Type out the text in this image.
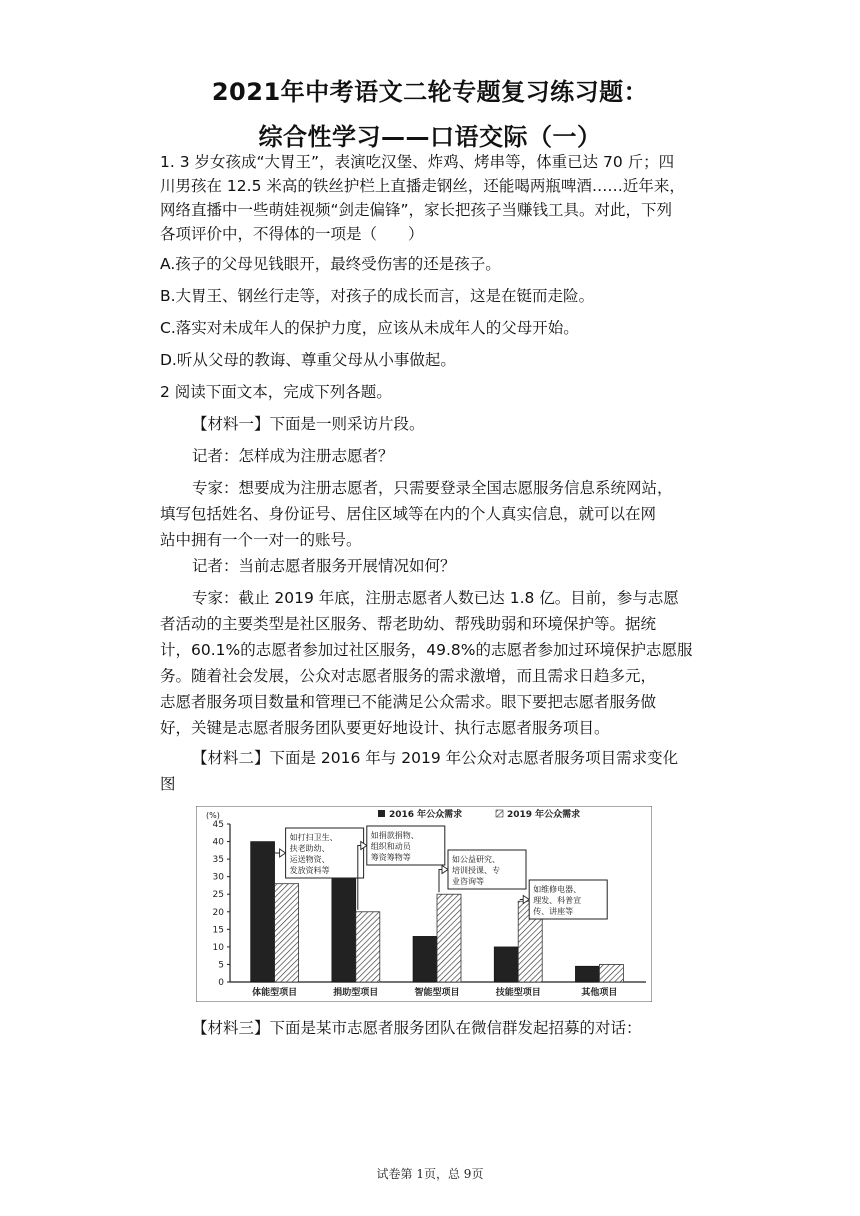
2021年中考语文二轮专题复习练习题：
综合性学习——口语交际（一）
1. 3 岁女孩成“大胃王”，表演吃汉堡、炸鸡、烤串等，体重已达 70 斤；四
川男孩在 12.5 米高的铁丝护栏上直播走钢丝，还能喝两瓶啤酒……近年来，
网络直播中一些萌娃视频“剑走偏锋”，家长把孩子当赚钱工具。对此，下列
各项评价中，不得体的一项是（　　）
A.孩子的父母见钱眼开，最终受伤害的还是孩子。
B.大胃王、钢丝行走等，对孩子的成长而言，这是在铤而走险。
C.落实对未成年人的保护力度，应该从未成年人的父母开始。
D.听从父母的教诲、尊重父母从小事做起。
2 阅读下面文本，完成下列各题。
【材料一】下面是一则采访片段。
记者：怎样成为注册志愿者？
专家：想要成为注册志愿者，只需要登录全国志愿服务信息系统网站，
填写包括姓名、身份证号、居住区域等在内的个人真实信息，就可以在网
站中拥有一个一对一的账号。
记者：当前志愿者服务开展情况如何？
专家：截止 2019 年底，注册志愿者人数已达 1.8 亿。目前，参与志愿
者活动的主要类型是社区服务、帮老助幼、帮残助弱和环境保护等。据统
计，60.1%的志愿者参加过社区服务，49.8%的志愿者参加过环境保护志愿服
务。随着社会发展，公众对志愿者服务的需求激增，而且需求日趋多元，
志愿者服务项目数量和管理已不能满足公众需求。眼下要把志愿者服务做
好，关键是志愿者服务团队要更好地设计、执行志愿者服务项目。
(%)
0
5
10
15
20
25
30
35
40
45
2016 年公众需求	2019 年公众需求
体能型项目	捐助型项目	智能型项目	技能型项目	其他项目
如打扫卫生、
扶老助幼、
运送物资、
发放资料等
如捐款捐物、
组织和动员
筹资筹物等	如公益研究、
培训授课、专
业咨询等
如维修电器、
理发、科普宣
传、讲座等
【材料三】下面是某市志愿者服务团队在微信群发起招募的对话：
试卷第 1页，总 9页
【材料二】下面是 2016 年与 2019 年公众对志愿者服务项目需求变化
图
